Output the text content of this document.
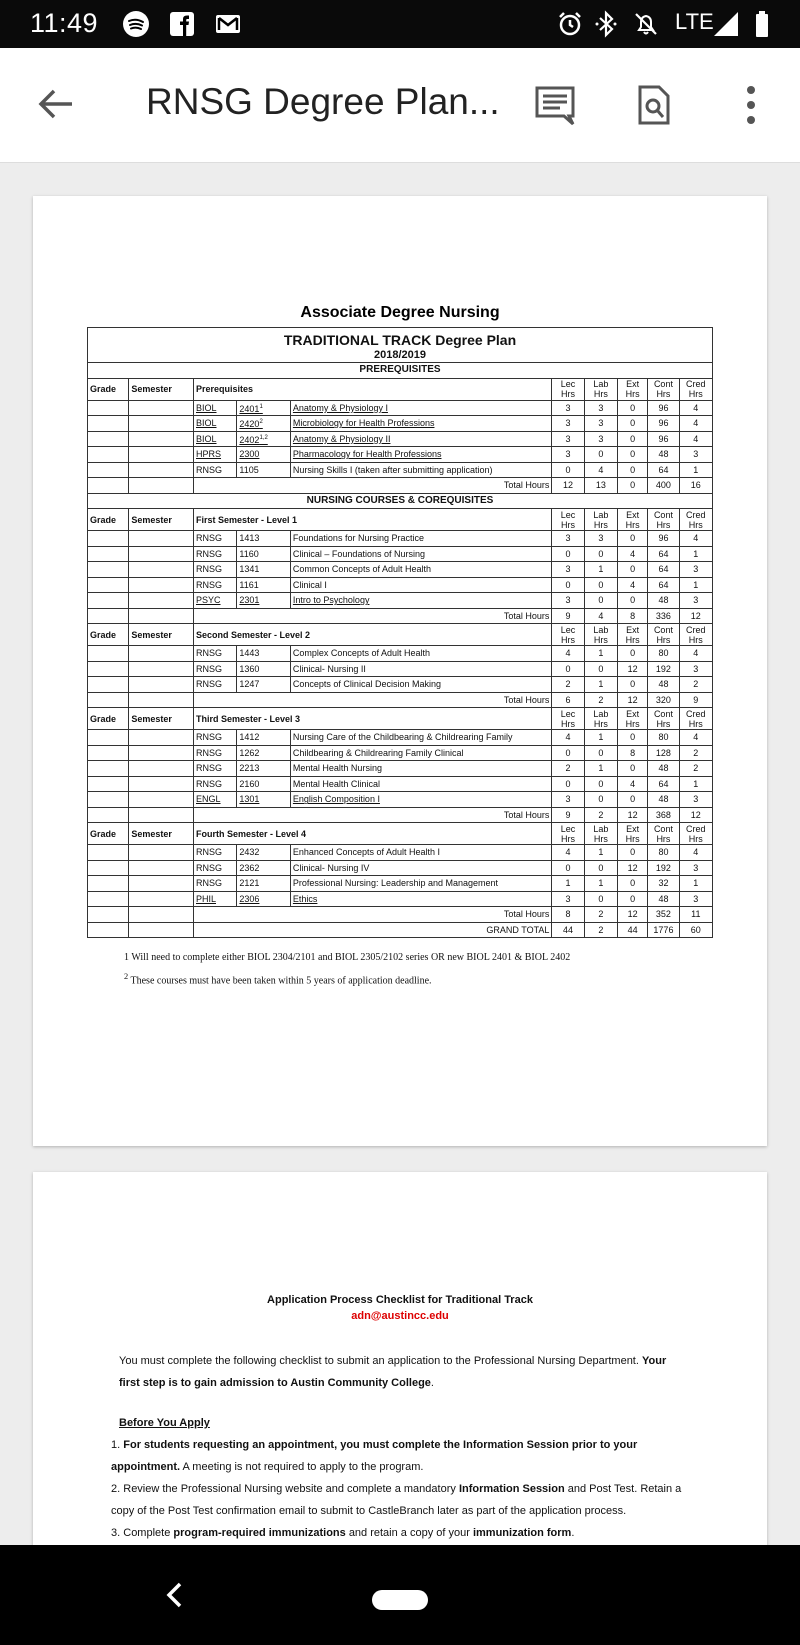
11:49	LTE
RNSG Degree Plan...
Associate Degree Nursing
TRADITIONAL TRACK Degree Plan									
2018/2019									
PREREQUISITES									
Grade	Semester	Prerequisites			Lec Hrs	Lab Hrs	Ext Hrs	Cont Hrs	Cred Hrs
		BIOL	2401$^1$	Anatomy & Physiology I	3	3	0	96	4
		BIOL	2420$^2$	Microbiology for Health Professions	3	3	0	96	4
		BIOL	2402$^{1,2}$	Anatomy & Physiology II	3	3	0	96	4
		HPRS	2300	Pharmacology for Health Professions	3	0	0	48	3
		RNSG	1105	Nursing Skills I (taken after submitting application)	0	4	0	64	1
		Total Hours			12	13	0	400	16
NURSING COURSES & COREQUISITES									
Grade	Semester	First Semester - Level 1			Lec Hrs	Lab Hrs	Ext Hrs	Cont Hrs	Cred Hrs
		RNSG	1413	Foundations for Nursing Practice	3	3	0	96	4
		RNSG	1160	Clinical – Foundations of Nursing	0	0	4	64	1
		RNSG	1341	Common Concepts of Adult Health	3	1	0	64	3
		RNSG	1161	Clinical I	0	0	4	64	1
		PSYC	2301	Intro to Psychology	3	0	0	48	3
		Total Hours			9	4	8	336	12
Grade	Semester	Second Semester - Level 2			Lec Hrs	Lab Hrs	Ext Hrs	Cont Hrs	Cred Hrs
		RNSG	1443	Complex Concepts of Adult Health	4	1	0	80	4
		RNSG	1360	Clinical- Nursing II	0	0	12	192	3
		RNSG	1247	Concepts of Clinical Decision Making	2	1	0	48	2
		Total Hours			6	2	12	320	9
Grade	Semester	Third Semester - Level 3			Lec Hrs	Lab Hrs	Ext Hrs	Cont Hrs	Cred Hrs
		RNSG	1412	Nursing Care of the Childbearing & Childrearing Family	4	1	0	80	4
		RNSG	1262	Childbearing & Childrearing Family Clinical	0	0	8	128	2
		RNSG	2213	Mental Health Nursing	2	1	0	48	2
		RNSG	2160	Mental Health Clinical	0	0	4	64	1
		ENGL	1301	English Composition I	3	0	0	48	3
		Total Hours			9	2	12	368	12
Grade	Semester	Fourth Semester - Level 4			Lec Hrs	Lab Hrs	Ext Hrs	Cont Hrs	Cred Hrs
		RNSG	2432	Enhanced Concepts of Adult Health I	4	1	0	80	4
		RNSG	2362	Clinical- Nursing IV	0	0	12	192	3
		RNSG	2121	Professional Nursing: Leadership and Management	1	1	0	32	1
		PHIL	2306	Ethics	3	0	0	48	3
		Total Hours			8	2	12	352	11
		GRAND TOTAL			44	2	44	1776	60
1 Will need to complete either BIOL 2304/2101 and BIOL 2305/2102 series OR new BIOL 2401 & BIOL 2402
$^2$ These courses must have been taken within 5 years of application deadline.
Application Process Checklist for Traditional Track
adn@austincc.edu
You must complete the following checklist to submit an application to the Professional Nursing Department. Your first step is to gain admission to Austin Community College.
Before You Apply
1. For students requesting an appointment, you must complete the Information Session prior to your appointment. A meeting is not required to apply to the program.
2. Review the Professional Nursing website and complete a mandatory Information Session and Post Test. Retain a copy of the Post Test confirmation email to submit to CastleBranch later as part of the application process.
3. Complete program-required immunizations and retain a copy of your immunization form.
